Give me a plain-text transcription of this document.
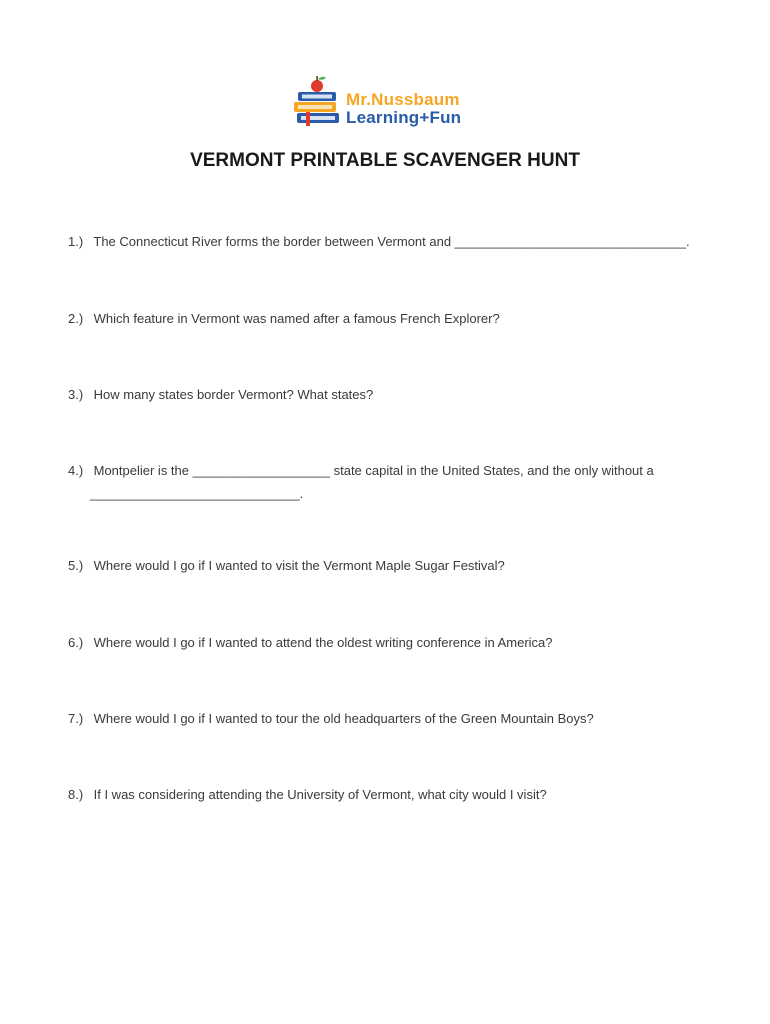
Mr.Nussbaum
Learning+Fun
VERMONT PRINTABLE SCAVENGER HUNT

1.) The Connecticut River forms the border between Vermont and ________________________________.

2.) Which feature in Vermont was named after a famous French Explorer?

3.) How many states border Vermont? What states?

4.) Montpelier is the ___________________ state capital in the United States, and the only without a
_____________________________.

5.) Where would I go if I wanted to visit the Vermont Maple Sugar Festival?

6.) Where would I go if I wanted to attend the oldest writing conference in America?

7.) Where would I go if I wanted to tour the old headquarters of the Green Mountain Boys?

8.) If I was considering attending the University of Vermont, what city would I visit?
